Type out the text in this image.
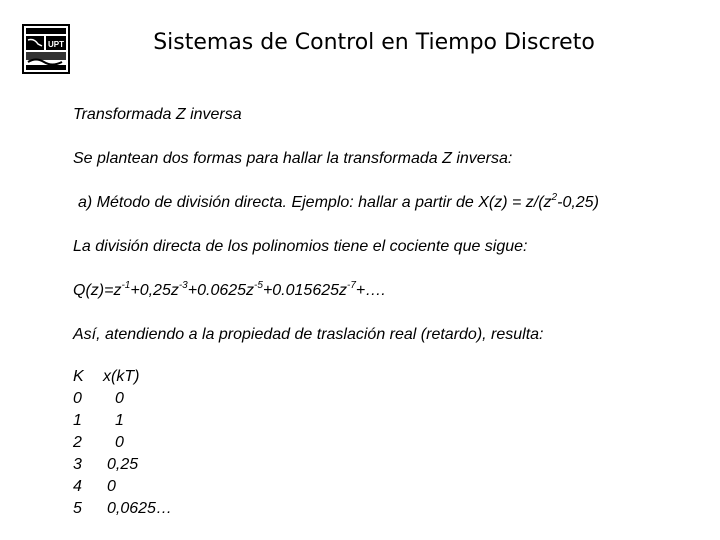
UPT	Sistemas de Control en Tiempo Discreto
Transformada Z inversa
Se plantean dos formas para hallar la transformada Z inversa:
a) Método de división directa. Ejemplo: hallar a partir de $X(z) = z/(z^2-0,25)$
La división directa de los polinomios tiene el cociente que sigue:
$Q(z)=z^{-1}+0,25z^{-3}+0.0625z^{-5}+0.015625z^{-7}+\dots$.
Así, atendiendo a la propiedad de traslación real (retardo), resulta:
K x(kT)
0 0
1 1
2 0
3 0,25
4 0
5 0,0625…
